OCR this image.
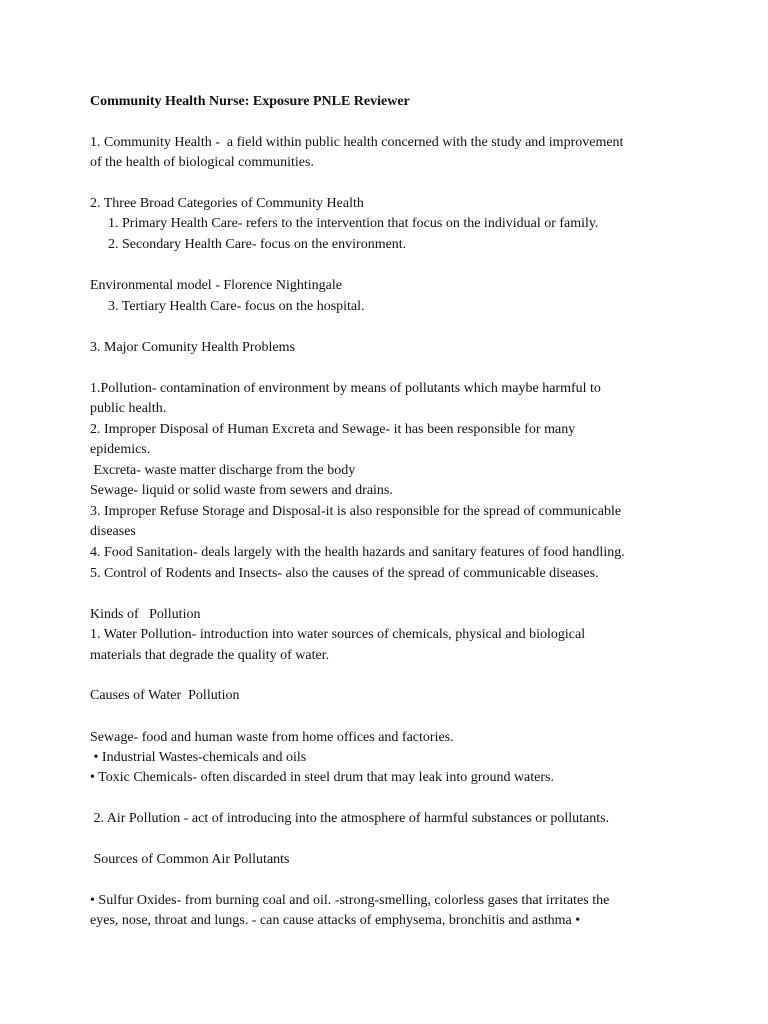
Community Health Nurse: Exposure PNLE Reviewer
1. Community Health -  a field within public health concerned with the study and improvement
of the health of biological communities.
2. Three Broad Categories of Community Health
1. Primary Health Care- refers to the intervention that focus on the individual or family.
2. Secondary Health Care- focus on the environment.
Environmental model - Florence Nightingale
3. Tertiary Health Care- focus on the hospital.
3. Major Comunity Health Problems
1.Pollution- contamination of environment by means of pollutants which maybe harmful to
public health.
2. Improper Disposal of Human Excreta and Sewage- it has been responsible for many
epidemics.
Excreta- waste matter discharge from the body
Sewage- liquid or solid waste from sewers and drains.
3. Improper Refuse Storage and Disposal-it is also responsible for the spread of communicable
diseases
4. Food Sanitation- deals largely with the health hazards and sanitary features of food handling.
5. Control of Rodents and Insects- also the causes of the spread of communicable diseases.
Kinds of   Pollution
1. Water Pollution- introduction into water sources of chemicals, physical and biological
materials that degrade the quality of water.
Causes of Water  Pollution
Sewage- food and human waste from home offices and factories.
• Industrial Wastes-chemicals and oils
• Toxic Chemicals- often discarded in steel drum that may leak into ground waters.
2. Air Pollution - act of introducing into the atmosphere of harmful substances or pollutants.
Sources of Common Air Pollutants
• Sulfur Oxides- from burning coal and oil. -strong-smelling, colorless gases that irritates the
eyes, nose, throat and lungs. - can cause attacks of emphysema, bronchitis and asthma •
